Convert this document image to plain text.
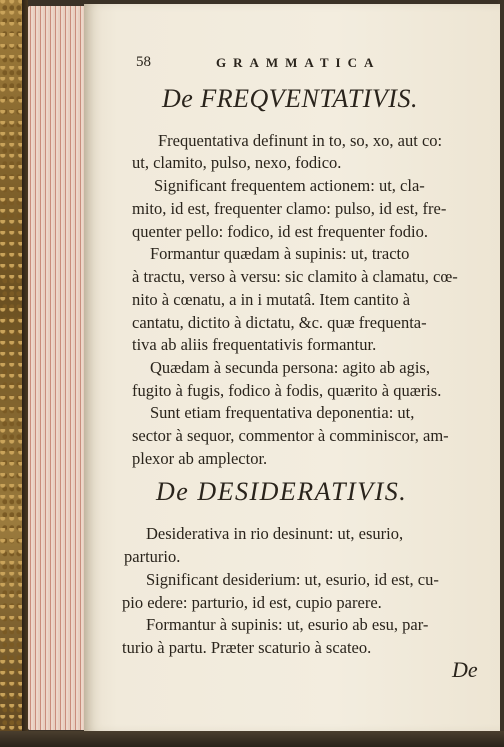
58	GRAMMATICA
De FREQVENTATIVIS.
Frequentativa definunt in to, so, xo, aut co:
ut, clamito, pulso, nexo, fodico.
Significant frequentem actionem: ut, cla-
mito, id est, frequenter clamo: pulso, id est, fre-
quenter pello: fodico, id est frequenter fodio.
Formantur quædam à supinis: ut, tracto
à tractu, verso à versu: sic clamito à clamatu, cœ-
nito à cœnatu, a in i mutatâ. Item cantito à
cantatu, dictito à dictatu, &c. quæ frequenta-
tiva ab aliis frequentativis formantur.
Quædam à secunda persona: agito ab agis,
fugito à fugis, fodico à fodis, quæritо à quæris.
Sunt etiam frequentativa deponentia: ut,
sector à sequor, commentor à comminiscor, am-
plexor ab amplector.
De DESIDERATIVIS.
Desiderativa in rio desinunt: ut, esurio,
parturio.
Significant desiderium: ut, esurio, id est, cu-
pio edere: parturio, id est, cupio parere.
Formantur à supinis: ut, esurio ab esu, par-
turio à partu. Præter scaturio à scateo.
De
